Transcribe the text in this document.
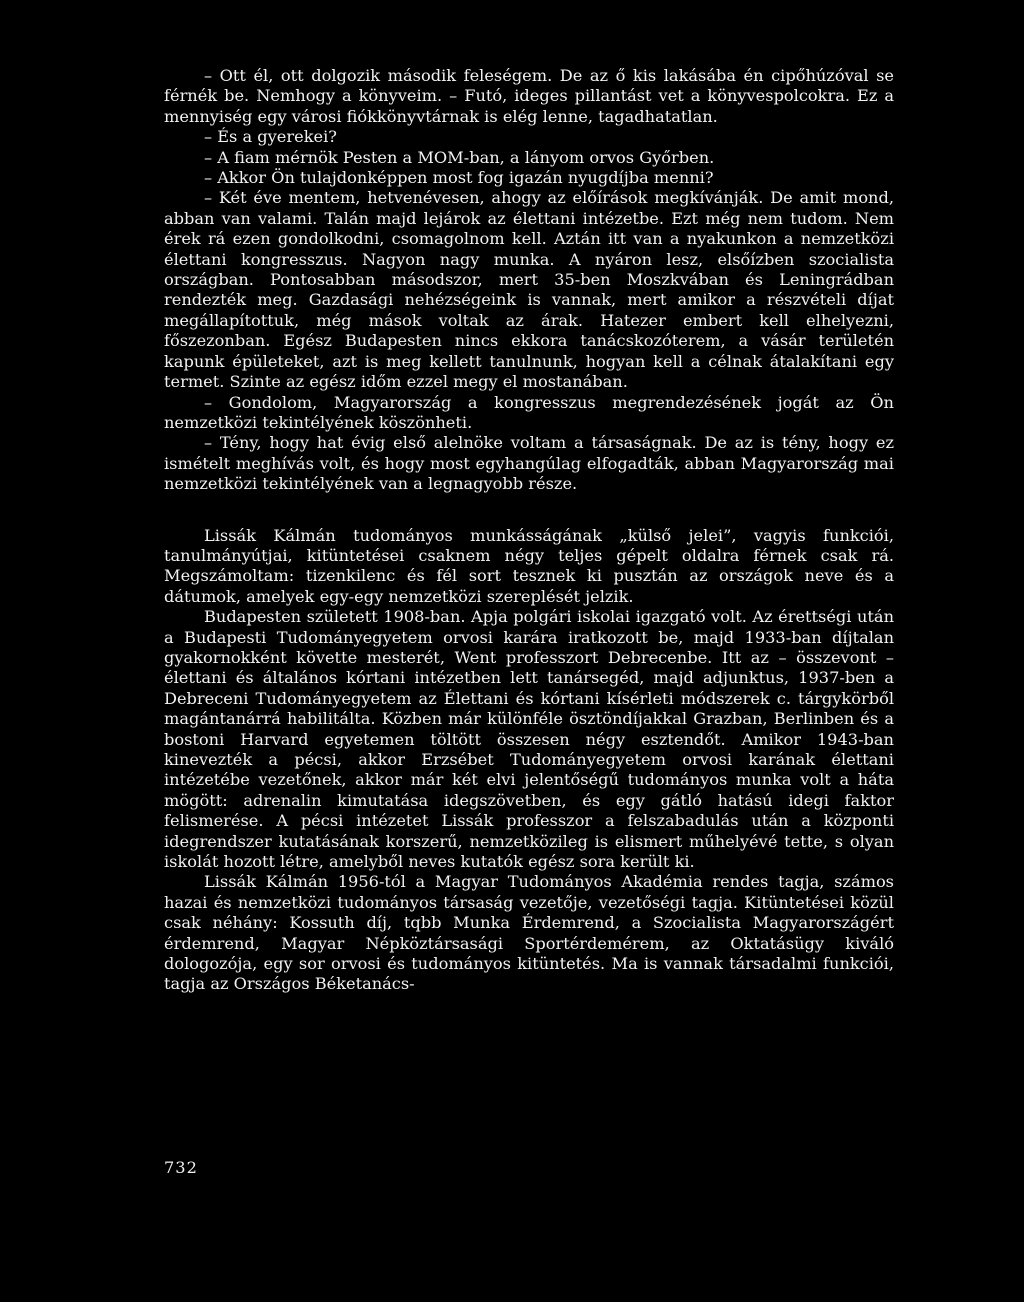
– Ott él, ott dolgozik második feleségem. De az ő kis lakásába én cipőhúzóval se férnék be. Nemhogy a könyveim. – Futó, ideges pillantást vet a könyvespolcokra. Ez a mennyiség egy városi fiókkönyvtárnak is elég lenne, tagadhatatlan.

– És a gyerekei?

– A fiam mérnök Pesten a MOM-ban, a lányom orvos Győrben.

– Akkor Ön tulajdonképpen most fog igazán nyugdíjba menni?

– Két éve mentem, hetvenévesen, ahogy az előírások megkívánják. De amit mond, abban van valami. Talán majd lejárok az élettani intézetbe. Ezt még nem tudom. Nem érek rá ezen gondolkodni, csomagolnom kell. Aztán itt van a nyakunkon a nemzetközi élettani kongresszus. Nagyon nagy munka. A nyáron lesz, elsőízben szocialista országban. Pontosabban másodszor, mert 35-ben Moszkvában és Leningrádban rendezték meg. Gazdasági nehézségeink is vannak, mert amikor a részvételi díjat megállapítottuk, még mások voltak az árak. Hatezer embert kell elhelyezni, főszezonban. Egész Budapesten nincs ekkora tanácskozóterem, a vásár területén kapunk épületeket, azt is meg kellett tanulnunk, hogyan kell a célnak átalakítani egy termet. Szinte az egész időm ezzel megy el mostanában.

– Gondolom, Magyarország a kongresszus megrendezésének jogát az Ön nemzetközi tekintélyének köszönheti.

– Tény, hogy hat évig első alelnöke voltam a társaságnak. De az is tény, hogy ez ismételt meghívás volt, és hogy most egyhangúlag elfogadták, abban Magyarország mai nemzetközi tekintélyének van a legnagyobb része.

Lissák Kálmán tudományos munkásságának „külső jelei”, vagyis funkciói, tanulmányútjai, kitüntetései csaknem négy teljes gépelt oldalra férnek csak rá. Megszámoltam: tizenkilenc és fél sort tesznek ki pusztán az országok neve és a dátumok, amelyek egy-egy nemzetközi szereplését jelzik.

Budapesten született 1908-ban. Apja polgári iskolai igazgató volt. Az érettségi után a Budapesti Tudományegyetem orvosi karára iratkozott be, majd 1933-ban díjtalan gyakornokként követte mesterét, Went professzort Debrecenbe. Itt az – összevont – élettani és általános kórtani intézetben lett tanársegéd, majd adjunktus, 1937-ben a Debreceni Tudományegyetem az Élettani és kórtani kísérleti módszerek c. tárgykörből magántanárrá habilitálta. Közben már különféle ösztöndíjakkal Grazban, Berlinben és a bostoni Harvard egyetemen töltött összesen négy esztendőt. Amikor 1943-ban kinevezték a pécsi, akkor Erzsébet Tudományegyetem orvosi karának élettani intézetébe vezetőnek, akkor már két elvi jelentőségű tudományos munka volt a háta mögött: adrenalin kimutatása idegszövetben, és egy gátló hatású idegi faktor felismerése. A pécsi intézetet Lissák professzor a felszabadulás után a központi idegrendszer kutatásának korszerű, nemzetközileg is elismert műhelyévé tette, s olyan iskolát hozott létre, amelyből neves kutatók egész sora került ki.

Lissák Kálmán 1956-tól a Magyar Tudományos Akadémia rendes tagja, számos hazai és nemzetközi tudományos társaság vezetője, vezetőségi tagja. Kitüntetései közül csak néhány: Kossuth díj, tqbb Munka Érdemrend, a Szocialista Magyarországért érdemrend, Magyar Népköztársasági Sportérdemérem, az Oktatásügy kiváló dologozója, egy sor orvosi és tudományos kitüntetés. Ma is vannak társadalmi funkciói, tagja az Országos Béketanács-

732
